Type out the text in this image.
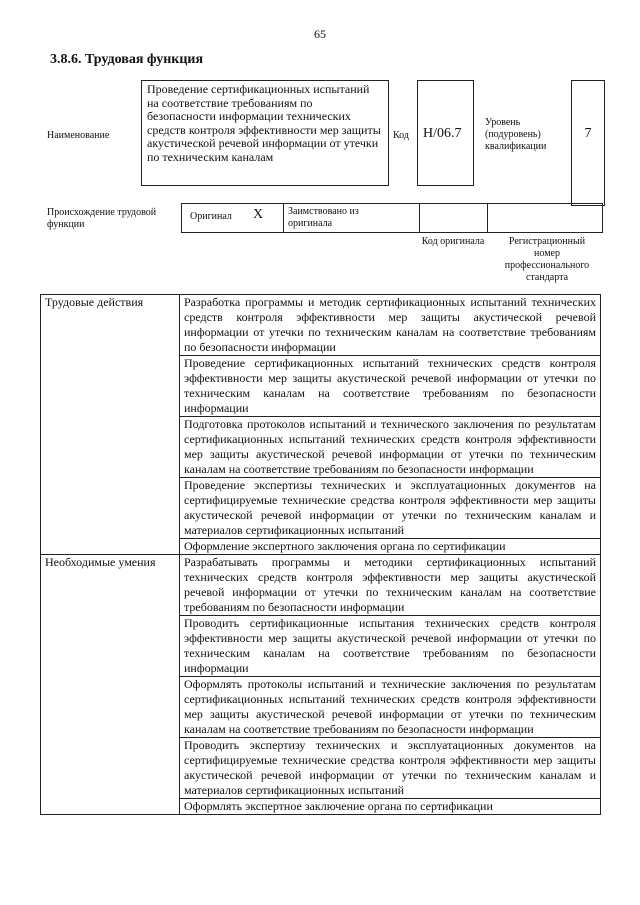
65
3.8.6. Трудовая функция
Наименование
Проведение сертификационных испытаний на соответствие требованиям по безопасности информации технических средств контроля эффективности мер защиты акустической речевой информации от утечки по техническим каналам
Код	H/06.7
Уровень (подуровень) квалификации
7
Происхождение трудовой функции
Оригинал X Заимствовано из оригинала
Код оригинала	Регистрационный номер профессионального стандарта
Трудовые действия	Разработка программы и методик сертификационных испытаний технических средств контроля эффективности мер защиты акустической речевой информации от утечки по техническим каналам на соответствие требованиям по безопасности информации
	Проведение сертификационных испытаний технических средств контроля эффективности мер защиты акустической речевой информации от утечки по техническим каналам на соответствие требованиям по безопасности информации
	Подготовка протоколов испытаний и технического заключения по результатам сертификационных испытаний технических средств контроля эффективности мер защиты акустической речевой информации от утечки по техническим каналам на соответствие требованиям по безопасности информации
	Проведение экспертизы технических и эксплуатационных документов на сертифицируемые технические средства контроля эффективности мер защиты акустической речевой информации от утечки по техническим каналам и материалов сертификационных испытаний
	Оформление экспертного заключения органа по сертификации
Необходимые умения	Разрабатывать программы и методики сертификационных испытаний технических средств контроля эффективности мер защиты акустической речевой информации от утечки по техническим каналам на соответствие требованиям по безопасности информации
	Проводить сертификационные испытания технических средств контроля эффективности мер защиты акустической речевой информации от утечки по техническим каналам на соответствие требованиям по безопасности информации
	Оформлять протоколы испытаний и технические заключения по результатам сертификационных испытаний технических средств контроля эффективности мер защиты акустической речевой информации от утечки по техническим каналам на соответствие требованиям по безопасности информации
	Проводить экспертизу технических и эксплуатационных документов на сертифицируемые технические средства контроля эффективности мер защиты акустической речевой информации от утечки по техническим каналам и материалов сертификационных испытаний
	Оформлять экспертное заключение органа по сертификации
